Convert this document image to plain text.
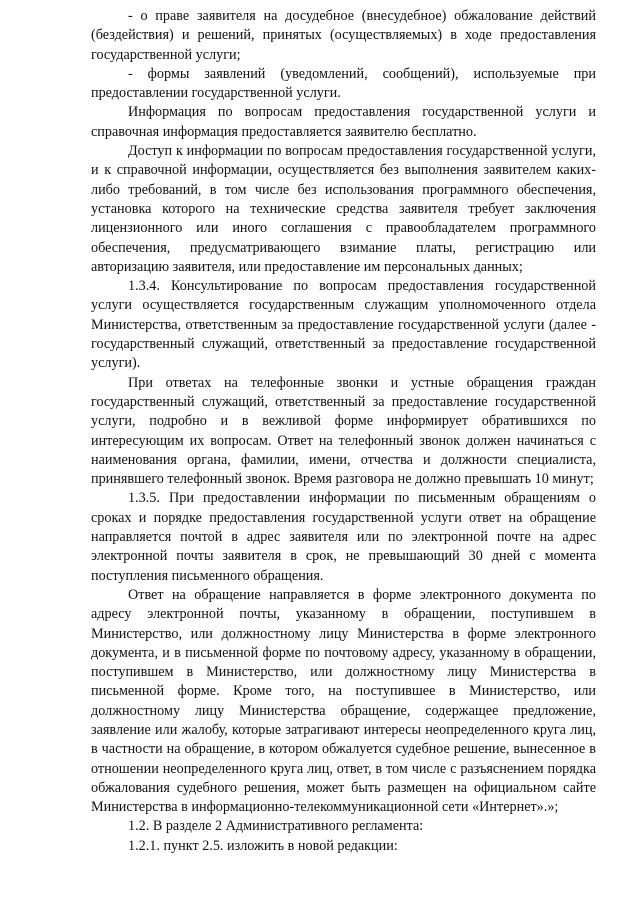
- о праве заявителя на досудебное (внесудебное) обжалование действий (бездействия) и решений, принятых (осуществляемых) в ходе предоставления государственной услуги;

- формы заявлений (уведомлений, сообщений), используемые при предоставлении государственной услуги.

Информация по вопросам предоставления государственной услуги и справочная информация предоставляется заявителю бесплатно.

Доступ к информации по вопросам предоставления государственной услуги, и к справочной информации, осуществляется без выполнения заявителем каких-либо требований, в том числе без использования программного обеспечения, установка которого на технические средства заявителя требует заключения лицензионного или иного соглашения с правообладателем программного обеспечения, предусматривающего взимание платы, регистрацию или авторизацию заявителя, или предоставление им персональных данных;

1.3.4. Консультирование по вопросам предоставления государственной услуги осуществляется государственным служащим уполномоченного отдела Министерства, ответственным за предоставление государственной услуги (далее - государственный служащий, ответственный за предоставление государственной услуги).

При ответах на телефонные звонки и устные обращения граждан государственный служащий, ответственный за предоставление государственной услуги, подробно и в вежливой форме информирует обратившихся по интересующим их вопросам. Ответ на телефонный звонок должен начинаться с наименования органа, фамилии, имени, отчества и должности специалиста, принявшего телефонный звонок. Время разговора не должно превышать 10 минут;

1.3.5. При предоставлении информации по письменным обращениям о сроках и порядке предоставления государственной услуги ответ на обращение направляется почтой в адрес заявителя или по электронной почте на адрес электронной почты заявителя в срок, не превышающий 30 дней с момента поступления письменного обращения.

Ответ на обращение направляется в форме электронного документа по адресу электронной почты, указанному в обращении, поступившем в Министерство, или должностному лицу Министерства в форме электронного документа, и в письменной форме по почтовому адресу, указанному в обращении, поступившем в Министерство, или должностному лицу Министерства в письменной форме. Кроме того, на поступившее в Министерство, или должностному лицу Министерства обращение, содержащее предложение, заявление или жалобу, которые затрагивают интересы неопределенного круга лиц, в частности на обращение, в котором обжалуется судебное решение, вынесенное в отношении неопределенного круга лиц, ответ, в том числе с разъяснением порядка обжалования судебного решения, может быть размещен на официальном сайте Министерства в информационно-телекоммуникационной сети «Интернет».»;

1.2. В разделе 2 Административного регламента:

1.2.1. пункт 2.5. изложить в новой редакции:
